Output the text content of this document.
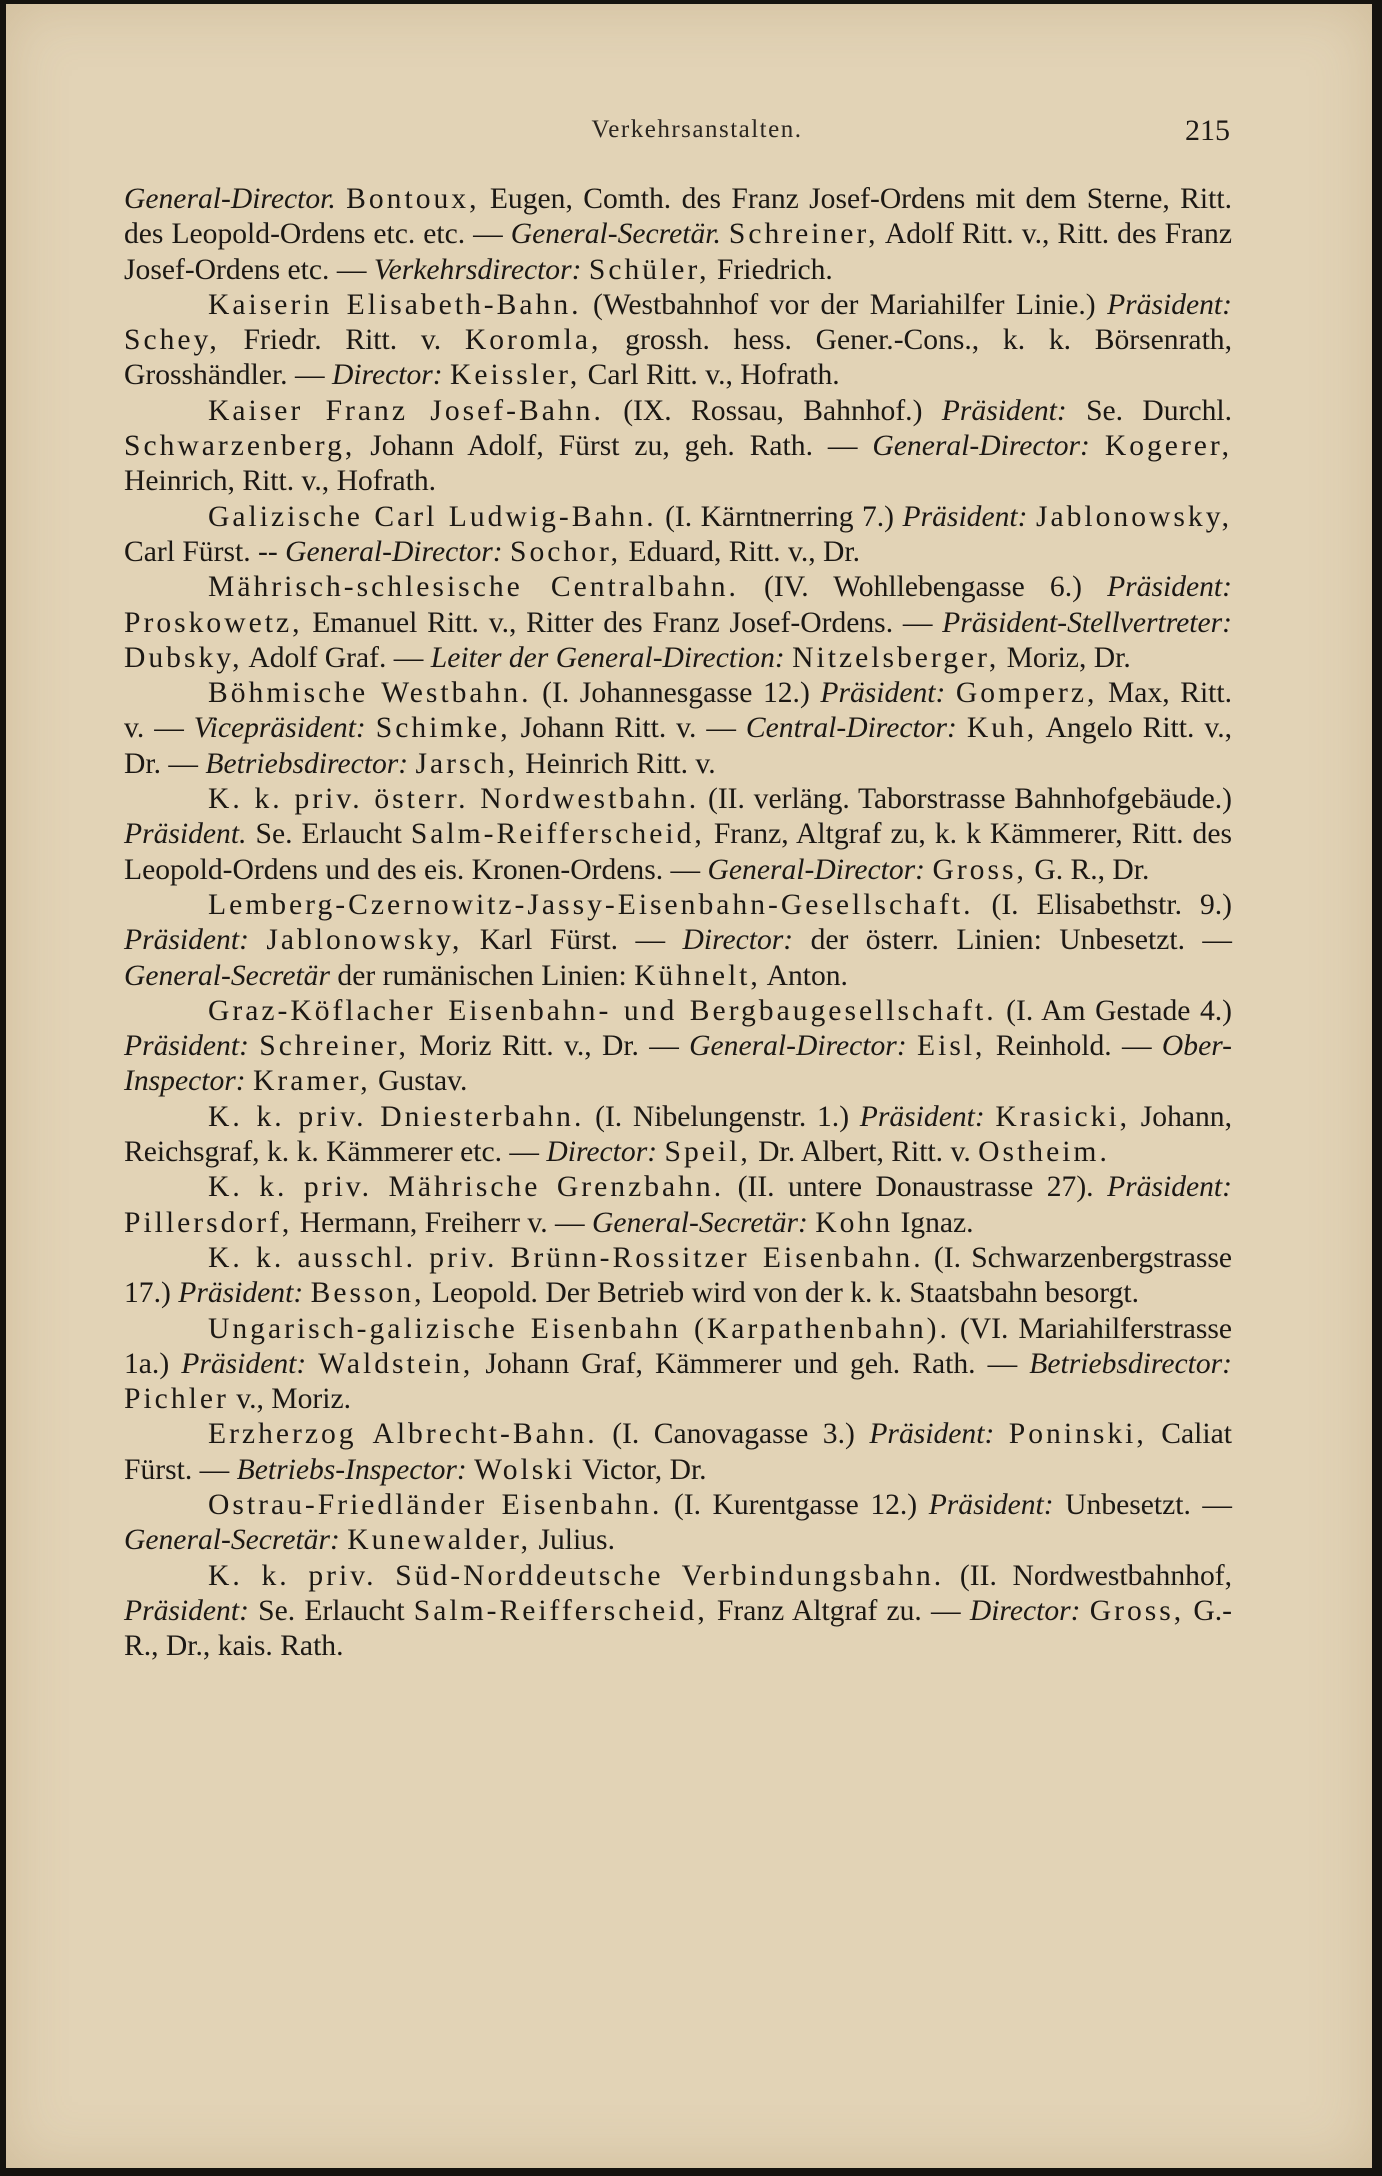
Verkehrsanstalten.	215

General-Director. Bontoux, Eugen, Comth. des Franz Josef-Ordens mit dem Sterne, Ritt. des Leopold-Ordens etc. etc. — General-Secretär. Schreiner, Adolf Ritt. v., Ritt. des Franz Josef-Ordens etc. — Verkehrsdirector: Schüler, Friedrich.

Kaiserin Elisabeth-Bahn. (Westbahnhof vor der Mariahilfer Linie.) Präsident: Schey, Friedr. Ritt. v. Koromla, grossh. hess. Gener.-Cons., k. k. Börsenrath, Grosshändler. — Director: Keissler, Carl Ritt. v., Hofrath.

Kaiser Franz Josef-Bahn. (IX. Rossau, Bahnhof.) Präsident: Se. Durchl. Schwarzenberg, Johann Adolf, Fürst zu, geh. Rath. — General-Director: Kogerer, Heinrich, Ritt. v., Hofrath.

Galizische Carl Ludwig-Bahn. (I. Kärntnerring 7.) Präsident: Jablonowsky, Carl Fürst. -- General-Director: Sochor, Eduard, Ritt. v., Dr.

Mährisch-schlesische Centralbahn. (IV. Wohllebengasse 6.) Präsident: Proskowetz, Emanuel Ritt. v., Ritter des Franz Josef-Ordens. — Präsident-Stellvertreter: Dubsky, Adolf Graf. — Leiter der General-Direction: Nitzelsberger, Moriz, Dr.

Böhmische Westbahn. (I. Johannesgasse 12.) Präsident: Gomperz, Max, Ritt. v. — Vicepräsident: Schimke, Johann Ritt. v. — Central-Director: Kuh, Angelo Ritt. v., Dr. — Betriebsdirector: Jarsch, Heinrich Ritt. v.

K. k. priv. österr. Nordwestbahn. (II. verläng. Taborstrasse Bahnhofgebäude.) Präsident. Se. Erlaucht Salm-Reifferscheid, Franz, Altgraf zu, k. k Kämmerer, Ritt. des Leopold-Ordens und des eis. Kronen-Ordens. — General-Director: Gross, G. R., Dr.

Lemberg-Czernowitz-Jassy-Eisenbahn-Gesellschaft. (I. Elisabethstr. 9.) Präsident: Jablonowsky, Karl Fürst. — Director: der österr. Linien: Unbesetzt. — General-Secretär der rumänischen Linien: Kühnelt, Anton.

Graz-Köflacher Eisenbahn- und Bergbaugesellschaft. (I. Am Gestade 4.) Präsident: Schreiner, Moriz Ritt. v., Dr. — General-Director: Eisl, Reinhold. — Ober-Inspector: Kramer, Gustav.

K. k. priv. Dniesterbahn. (I. Nibelungenstr. 1.) Präsident: Krasicki, Johann, Reichsgraf, k. k. Kämmerer etc. — Director: Speil, Dr. Albert, Ritt. v. Ostheim.

K. k. priv. Mährische Grenzbahn. (II. untere Donaustrasse 27). Präsident: Pillersdorf, Hermann, Freiherr v. — General-Secretär: Kohn Ignaz.

K. k. ausschl. priv. Brünn-Rossitzer Eisenbahn. (I. Schwarzenbergstrasse 17.) Präsident: Besson, Leopold. Der Betrieb wird von der k. k. Staatsbahn besorgt.

Ungarisch-galizische Eisenbahn (Karpathenbahn). (VI. Mariahilferstrasse 1a.) Präsident: Waldstein, Johann Graf, Kämmerer und geh. Rath. — Betriebsdirector: Pichler v., Moriz.

Erzherzog Albrecht-Bahn. (I. Canovagasse 3.) Präsident: Poninski, Caliat Fürst. — Betriebs-Inspector: Wolski Victor, Dr.

Ostrau-Friedländer Eisenbahn. (I. Kurentgasse 12.) Präsident: Unbesetzt. — General-Secretär: Kunewalder, Julius.

K. k. priv. Süd-Norddeutsche Verbindungsbahn. (II. Nordwestbahnhof, Präsident: Se. Erlaucht Salm-Reifferscheid, Franz Altgraf zu. — Director: Gross, G.-R., Dr., kais. Rath.
